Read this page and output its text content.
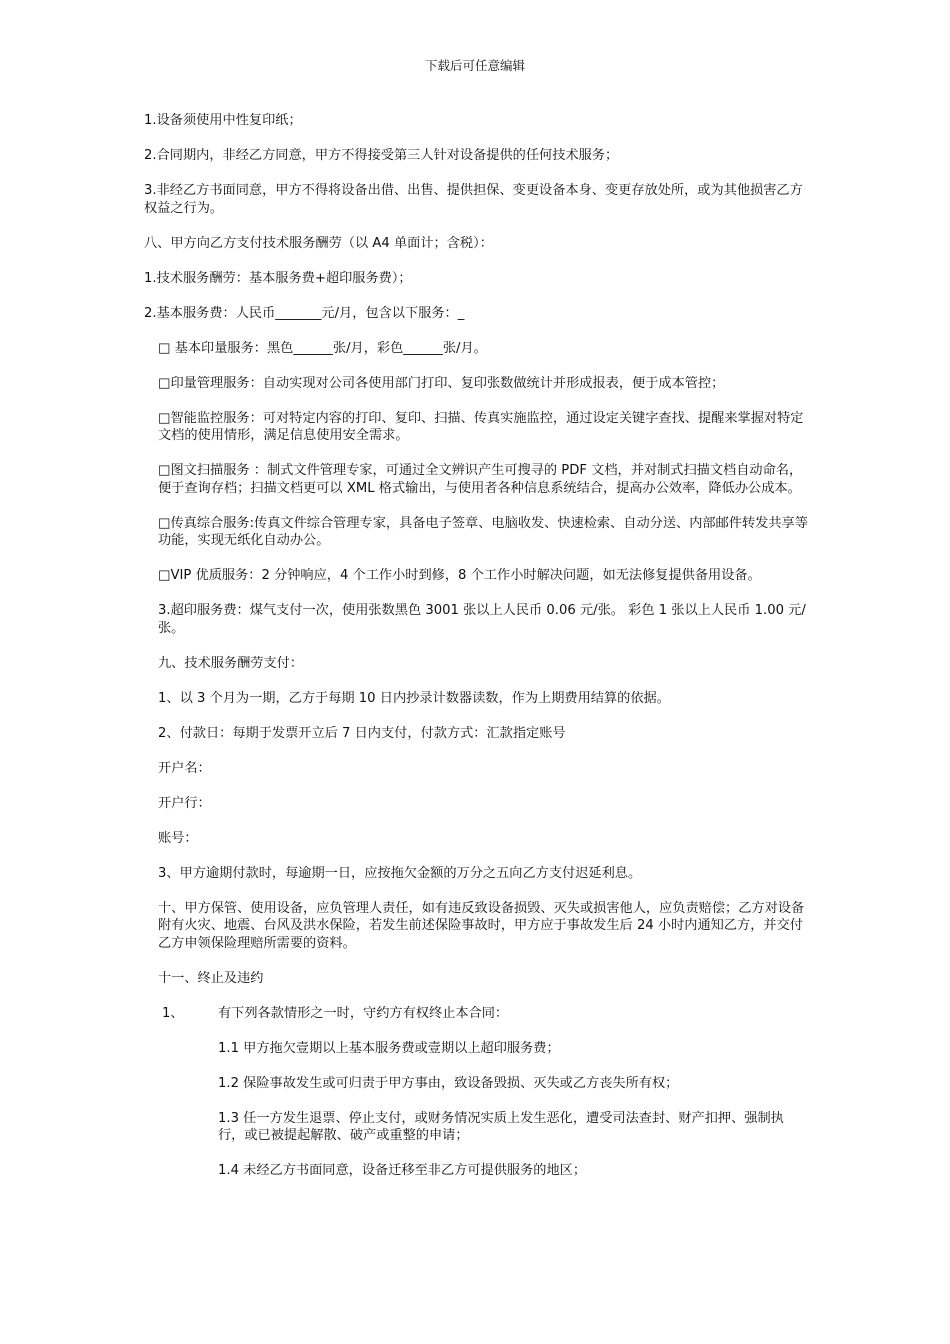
下载后可任意编辑

1.设备须使用中性复印纸；

2.合同期内，非经乙方同意，甲方不得接受第三人针对设备提供的任何技术服务；

3.非经乙方书面同意，甲方不得将设备出借、出售、提供担保、变更设备本身、变更存放处所，或为其他损害乙方权益之行为。

八、甲方向乙方支付技术服务酬劳（以 A4 单面计；含税）：

1.技术服务酬劳：基本服务费+超印服务费）；

2.基本服务费：人民币_______元/月，包含以下服务：_

□ 基本印量服务：黑色______张/月，彩色______张/月。

□印量管理服务：自动实现对公司各使用部门打印、复印张数做统计并形成报表，便于成本管控；

□智能监控服务：可对特定内容的打印、复印、扫描、传真实施监控，通过设定关键字查找、提醒来掌握对特定文档的使用情形，满足信息使用安全需求。

□图文扫描服务 ：制式文件管理专家，可通过全文辨识产生可搜寻的 PDF 文档，并对制式扫描文档自动命名，便于查询存档；扫描文档更可以 XML 格式输出，与使用者各种信息系统结合，提高办公效率，降低办公成本。

□传真综合服务:传真文件综合管理专家，具备电子签章、电脑收发、快速检索、自动分送、内部邮件转发共享等功能，实现无纸化自动办公。

□VIP 优质服务：2 分钟响应，4 个工作小时到修，8 个工作小时解决问题，如无法修复提供备用设备。

3.超印服务费：煤气支付一次，使用张数黑色 3001 张以上人民币 0.06 元/张。 彩色 1 张以上人民币 1.00 元/张。

九、技术服务酬劳支付：

1、以 3 个月为一期，乙方于每期 10 日内抄录计数器读数，作为上期费用结算的依据。

2、付款日：每期于发票开立后 7 日内支付，付款方式：汇款指定账号

开户名：

开户行：

账号：

3、甲方逾期付款时，每逾期一日，应按拖欠金额的万分之五向乙方支付迟延利息。

十、甲方保管、使用设备，应负管理人责任，如有违反致设备损毁、灭失或损害他人，应负责赔偿；乙方对设备附有火灾、地震、台风及洪水保险，若发生前述保险事故时，甲方应于事故发生后 24 小时内通知乙方，并交付乙方申领保险理赔所需要的资料。

十一、终止及违约

1、	有下列各款情形之一时，守约方有权终止本合同：

1.1 甲方拖欠壹期以上基本服务费或壹期以上超印服务费；

1.2 保险事故发生或可归责于甲方事由，致设备毁损、灭失或乙方丧失所有权；

1.3 任一方发生退票、停止支付，或财务情况实质上发生恶化，遭受司法查封、财产扣押、强制执行，或已被提起解散、破产或重整的申请；

1.4 未经乙方书面同意，设备迁移至非乙方可提供服务的地区；
